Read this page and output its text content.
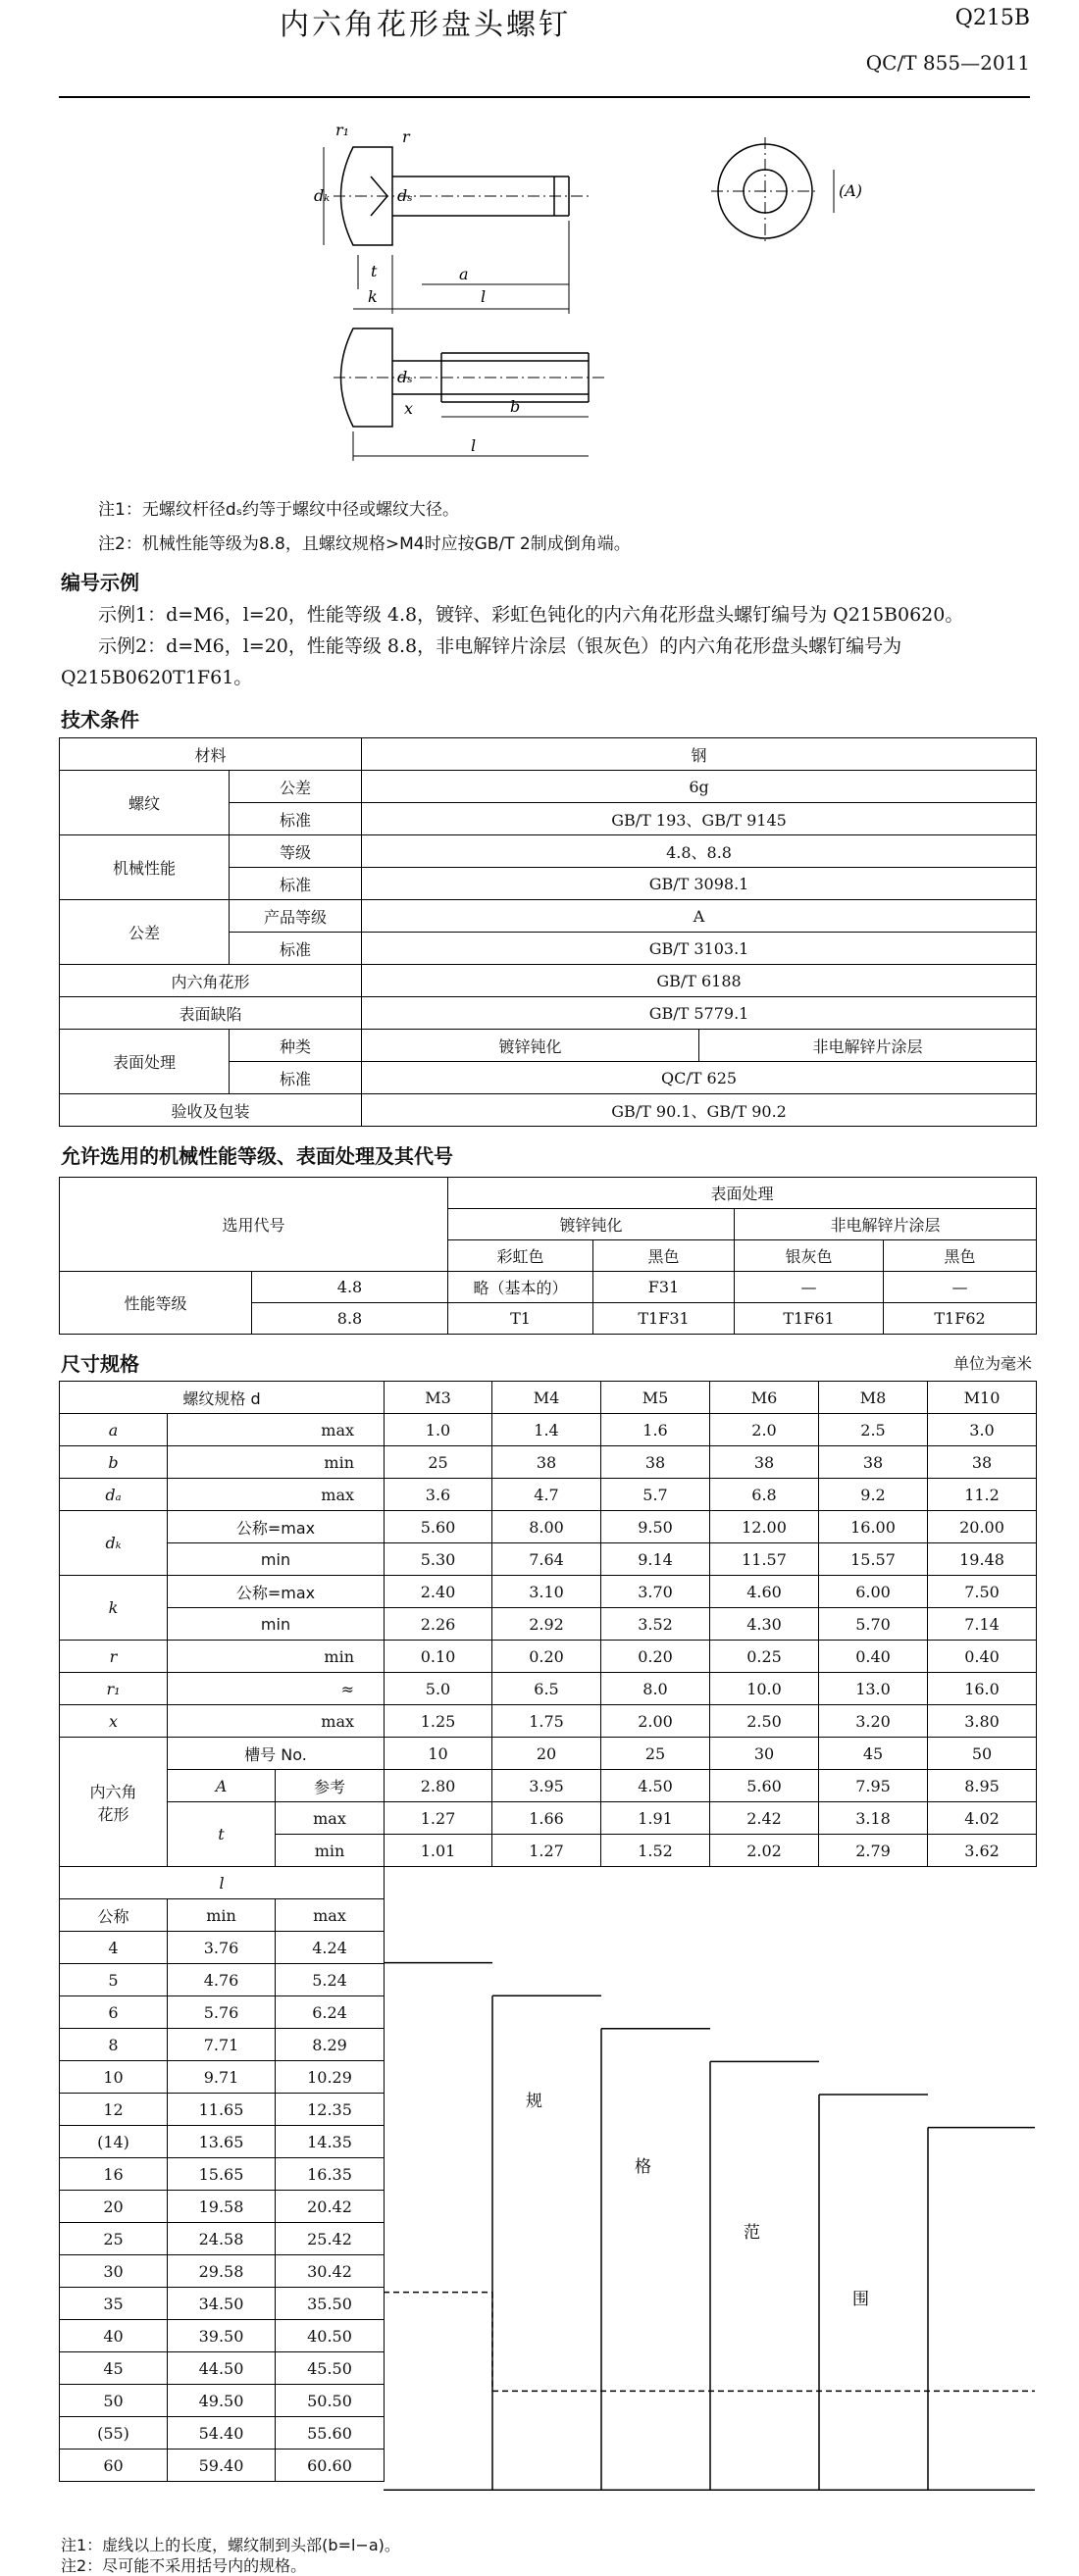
内六角花形盘头螺钉	Q215B
QC/T 855—2011
r₁	r
dₖ	dₛ
t
k
a
l
(A)
dₛ
x	b
l
注1：无螺纹杆径dₛ约等于螺纹中径或螺纹大径。
注2：机械性能等级为8.8，且螺纹规格>M4时应按GB/T 2制成倒角端。
编号示例
示例1：d=M6，l=20，性能等级 4.8，镀锌、彩虹色钝化的内六角花形盘头螺钉编号为 Q215B0620。
示例2：d=M6，l=20，性能等级 8.8，非电解锌片涂层（银灰色）的内六角花形盘头螺钉编号为
Q215B0620T1F61。
技术条件
材料		钢	
螺纹	公差	6g	
	标准	GB/T 193、GB/T 9145	
机械性能	等级	4.8、8.8	
	标准	GB/T 3098.1	
公差	产品等级	A	
	标准	GB/T 3103.1	
内六角花形		GB/T 6188	
表面缺陷		GB/T 5779.1	
表面处理	种类	镀锌钝化	非电解锌片涂层
	标准	QC/T 625	
验收及包装		GB/T 90.1、GB/T 90.2	
允许选用的机械性能等级、表面处理及其代号
选用代号		表面处理			
		镀锌钝化		非电解锌片涂层	
		彩虹色	黑色	银灰色	黑色
性能等级	4.8	略（基本的）	F31	—	—
	8.8	T1	T1F31	T1F61	T1F62
尺寸规格	单位为毫米
螺纹规格 d			M3	M4	M5	M6	M8	M10
a	max		1.0	1.4	1.6	2.0	2.5	3.0
b	min		25	38	38	38	38	38
dₐ	max		3.6	4.7	5.7	6.8	9.2	11.2
dₖ	公称=max		5.60	8.00	9.50	12.00	16.00	20.00
	min		5.30	7.64	9.14	11.57	15.57	19.48
k	公称=max		2.40	3.10	3.70	4.60	6.00	7.50
	min		2.26	2.92	3.52	4.30	5.70	7.14
r	min		0.10	0.20	0.20	0.25	0.40	0.40
r₁	≈		5.0	6.5	8.0	10.0	13.0	16.0
x	max		1.25	1.75	2.00	2.50	3.20	3.80
内六角
花形	槽号 No.		10	20	25	30	45	50
	A	参考	2.80	3.95	4.50	5.60	7.95	8.95
	t	max	1.27	1.66	1.91	2.42	3.18	4.02
		min	1.01	1.27	1.52	2.02	2.79	3.62
l								
公称	min	max						
4	3.76	4.24						
5	4.76	5.24						
6	5.76	6.24						
8	7.71	8.29						
10	9.71	10.29						
12	11.65	12.35						
(14)	13.65	14.35						
16	15.65	16.35						
20	19.58	20.42						
25	24.58	25.42						
30	29.58	30.42						
35	34.50	35.50						
40	39.50	40.50						
45	44.50	45.50						
50	49.50	50.50						
(55)	54.40	55.60						
60	59.40	60.60						
规
格
范
围
注1：虚线以上的长度，螺纹制到头部(b=l−a)。
注2：尽可能不采用括号内的规格。
